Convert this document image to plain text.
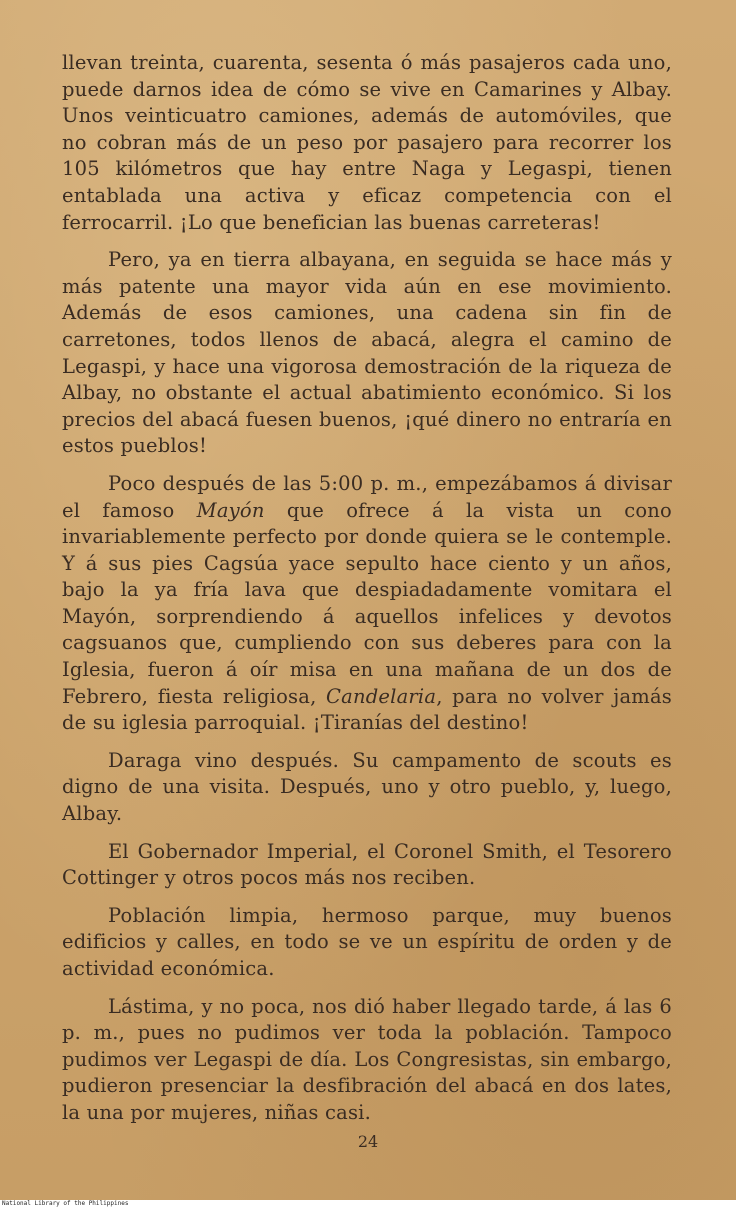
llevan treinta, cuarenta, sesenta ó más pasajeros cada uno, puede darnos idea de cómo se vive en Camarines y Albay. Unos veinticuatro camiones, además de automóviles, que no cobran más de un peso por pasajero para recorrer los 105 kilómetros que hay entre Naga y Legaspi, tienen entablada una activa y eficaz competencia con el ferrocarril. ¡Lo que benefician las buenas carreteras!

Pero, ya en tierra albayana, en seguida se hace más y más patente una mayor vida aún en ese movimiento. Además de esos camiones, una cadena sin fin de carretones, todos llenos de abacá, alegra el camino de Legaspi, y hace una vigorosa demostración de la riqueza de Albay, no obstante el actual abatimiento económico. Si los precios del abacá fuesen buenos, ¡qué dinero no entraría en estos pueblos!

Poco después de las 5:00 p. m., empezábamos á divisar el famoso Mayón que ofrece á la vista un cono invariablemente perfecto por donde quiera se le contemple. Y á sus pies Cagsúa yace sepulto hace ciento y un años, bajo la ya fría lava que despiadadamente vomitara el Mayón, sorprendiendo á aquellos infelices y devotos cagsuanos que, cumpliendo con sus deberes para con la Iglesia, fueron á oír misa en una mañana de un dos de Febrero, fiesta religiosa, Candelaria, para no volver jamás de su iglesia parroquial. ¡Tiranías del destino!

Daraga vino después. Su campamento de scouts es digno de una visita. Después, uno y otro pueblo, y, luego, Albay.

El Gobernador Imperial, el Coronel Smith, el Tesorero Cottinger y otros pocos más nos reciben.

Población limpia, hermoso parque, muy buenos edificios y calles, en todo se ve un espíritu de orden y de actividad económica.

Lástima, y no poca, nos dió haber llegado tarde, á las 6 p. m., pues no pudimos ver toda la población. Tampoco pudimos ver Legaspi de día. Los Congresistas, sin embargo, pudieron presenciar la desfibración del abacá en dos lates, la una por mujeres, niñas casi.

24
National Library of the Philippines
